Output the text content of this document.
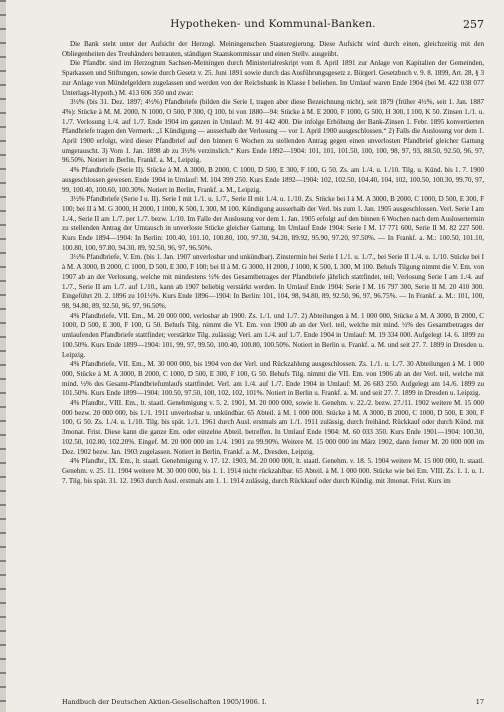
Hypotheken- und Kommunal-Banken.	257

Die Bank steht unter der Aufsicht der Herzogl. Meiningenschen Staatsregierung. Diese Aufsicht wird durch einen, gleichzeitig mit den Obliegenheiten des Treuhänders betrauten, ständigen Staatskommissar und einen Stellv. ausgeübt.

Die Pfandbr. sind im Herzogtum Sachsen-Meiningen durch Ministerialreskript vom 8. April 1891 zur Anlage von Kapitalien der Gemeinden, Sparkassen und Stiftungen, sowie durch Gesetz v. 25. Juni 1891 sowie durch das Ausführungsgesetz z. Bürgerl. Gesetzbuch v. 9. 8. 1899, Art. 28, § 3 zur Anlage von Mündelgeldern zugelassen und werden von der Reichsbank in Klasse I beliehen. Im Umlauf waren Ende 1904 (bei M. 422 038 077 Unterlags-Hypoth.) M. 413 606 350 und zwar:

3½% (bis 31. Dez. 1897; 4½%) Pfandbriefe (bilden die Serie I, tragen aber diese Bezeichnung nicht), seit 1879 (früher 4½%, seit 1. Jan. 1887 4%): Stücke à M. M. 2000, N 1000, O 500, P 300, Q 100, bi von 1880—94: Stücke à M. E 2000, F 1000, G 500, H 300, I 100, K 50. Zinsen 1./1. u. 1./7. Verlosung 1./4. auf 1./7. Ende 1904 im ganzen in Umlauf: M. 91 442 400. Die infolge Erhöhung der Bank-Zinsen 1. Febr. 1895 konvertierten Pfandbriefe tragen den Vermerk: „1 Kündigung — ausserhalb der Verlosung — vor 1. April 1900 ausgeschlossen.“ 2) Falls die Auslosung vor dem 1. April 1900 erfolgt, wird dieser Pfandbrief auf den binnen 6 Wochen zu stellenden Antrag gegen einen unverlosten Pfandbrief gleicher Gattung umgetauscht. 3) Vom 1. Jan. 1898 ab zu 3½% verzinslich.“ Kurs Ende 1892—1904: 101, 101, 101.50, 100, 100, 98, 97, 93, 88.50, 92.50, 96, 97, 96.50%. Notiert in Berlin, Frankf. a. M., Leipzig.

4% Pfandbriefe (Serie II). Stücke à M. A 3000, B 2000, C 1000, D 500, E 300, F 100, G 50. Zs. am 1./4. u. 1./10. Tilg. u. Künd. bis 1. 7. 1900 ausgeschlossen gewesen. Ende 1904 in Umlauf: M. 104 399 250. Kurs Ende 1892—1904: 102, 102.50, 104.40, 104, 102, 100.50, 100.30, 99.70, 97, 99, 100.40, 100.60, 100.30%. Notiert in Berlin, Frankf. a. M., Leipzig.

3½% Pfandbriefe (Serie I u. II). Serie I mit 1./1. u. 1./7., Serie II mit 1./4. u. 1./10. Zs. Stücke bei I à M. A 3000, B 2000, C 1000, D 500, E 300, F 100; bei II à M. G 3000, H 2000, I 1000, K 500, L 300, M 100. Kündigung ausserhalb der Verl. bis zum 1. Jan. 1905 ausgeschlossen. Verl. Serie I am 1./4., Serie II am 1./7. per 1./7. bezw. 1./10. Im Falle der Auslosung vor dem 1. Jan. 1905 erfolgt auf den binnen 6 Wochen nach dem Auslosertermin zu stellenden Antrag der Umtausch in unverloste Stücke gleicher Gattung. Im Umlauf Ende 1904: Serie I M. 17 771 600, Serie II M. 82 227 500. Kurs Ende 1894—1904: In Berlin: 100.40, 101.10, 100.80, 100, 97.30, 94.20, 89.92, 95.90, 97.20, 97.50%. — In Frankf. a. M.: 100.50, 101.10, 100.80, 100, 97.80, 94.30, 89, 92.50, 96, 97, 96.50%.

3½% Pfandbriefe, V. Em. (bis 1. Jan. 1907 unverlosbar und unkündbar). Zinstermin bei Serie I 1./1. u. 1./7., bei Serie II 1./4. u. 1./10. Stücke bei I à M. A 3000, B 2000, C 1000, D 500, E 300, F 100; bei II à M. G 3000, H 2000, J 1000, K 500, L 300, M 100. Behufs Tilgung nimmt die V. Em. von 1907 ab an der Verlosung, welche mit mindestens ½% des Gesamtbetrages der Pfandbriefe jährlich stattfindet, teil; Verlosung Serie I am 1./4. auf 1./7., Serie II am 1./7. auf 1./10., kann ab 1907 beliebig verstärkt werden. In Umlauf Ende 1904: Serie I M. 16 797 300, Serie II M. 20 410 300. Eingeführt 20. 2. 1896 zu 101½%. Kurs Ende 1896—1904: In Berlin: 101, 104, 98, 94.80, 89, 92.50, 96, 97, 96.75%. — In Frankf. a. M.: 101, 100, 98, 94.80, 89, 92.50, 96, 97, 96.50%.

4% Pfandbriefe, VII. Em., M. 20 000 000, verlosbar ab 1900. Zs. 1./1. und 1./7. 2) Abteilungen à M. 1 000 000, Stücke à M. A 3000, B 2000, C 1000, D 500, E 300, F 100, G 50. Behufs Tilg. nimmt die VI. Em. von 1900 ab an der Verl. teil, welche mit mind. ½% des Gesamtbetrages der umlaufenden Pfandbriefe stattfindet; verstärkte Tilg. zulässig; Verl. am 1./4. auf 1./7. Ende 1904 in Umlauf: M. 19 334 000. Aufgelegt 14. 6. 1899 zu 100.50%. Kurs Ende 1899—1904: 101, 99, 97, 99.50, 100.40, 100.80, 100.50%. Notiert in Berlin u. Frankf. a. M. und seit 27. 7. 1899 in Dresden u. Leipzig.

4% Pfandbriefe, VII. Em., M. 30 000 000, bis 1904 von der Verl. und Rückzahlung ausgeschlossen. Zs. 1./1. u. 1./7. 30 Abteilungen à M. 1 000 000, Stücke à M. A 3000, B 2000, C 1000, D 500, E 300, F 100, G 50. Behufs Tilg. nimmt die VII. Em. von 1906 ab an der Verl. teil, welche mit mind. ½% des Gesamt-Pfandbriefumlaufs stattfindet. Verl. am 1./4. auf 1./7. Ende 1904 in Umlauf: M. 26 683 250. Aufgelegt am 14./6. 1899 zu 101.50%. Kurs Ende 1899—1904: 100.50, 97.50, 100, 102, 102, 101%. Notiert in Berlin u. Frankf. a. M. und seit 27. 7. 1899 in Dresden u. Leipzig.

4% Pfandbr., VIII. Em., lt. staatl. Genehmigung v. 5. 2. 1901, M. 20 000 000, sowie lt. Genehm. v. 22./2. bezw. 27./11. 1902 weitere M. 15 000 000 bezw. 20 000 000, bis 1./1. 1911 unverlosbar u. unkündbar. 65 Abteil. à M. 1 000 000. Stücke à M. A 3000, B 2000, C 1000, D 500, E 300, F 100, G 50. Zs. 1./4. u. 1./10. Tilg. bis spät. 1./1. 1961 durch Ausl. erstmals am 1./1. 1911 zulässig, durch freihänd. Rückkauf oder durch Künd. mit 3monat. Frist. Diese kann die ganze Em. oder einzelne Abteil. betreffen. In Umlauf Ende 1904: M. 60 033 350. Kurs Ende 1901—1904: 100.30, 102.50, 102.80, 102.20%. Eingef. M. 20 000 000 im 1./4. 1901 zu 99.90%. Weitere M. 15 000 000 im März 1902, dann ferner M. 20 000 000 im Dez. 1902 bezw. Jan. 1903 zugelassen. Notiert in Berlin, Frankf. a. M., Dresden, Leipzig.

4% Pfandbr., IX. Em., lt. staatl. Genehmigung v. 17. 12. 1903, M. 20 000 000, lt. staatl. Genehm. v. 18. 5. 1904 weitere M. 15 000 000, lt. staatl. Genehm. v. 25. 11. 1904 weitere M. 30 000 000, bis 1. 1. 1914 nicht rückzahlbar. 65 Abteil. à M. 1 000 000. Stücke wie bei Em. VIII. Zs. 1. 1. u. 1. 7. Tilg. bis spät. 31. 12. 1963 durch Ausl. erstmals am 1. 1. 1914 zulässig, durch Rückkauf oder durch Kündig. mit 3monat. Frist. Kurs im

Handbuch der Deutschen Aktien-Gesellschaften 1905/1906. I.	17
